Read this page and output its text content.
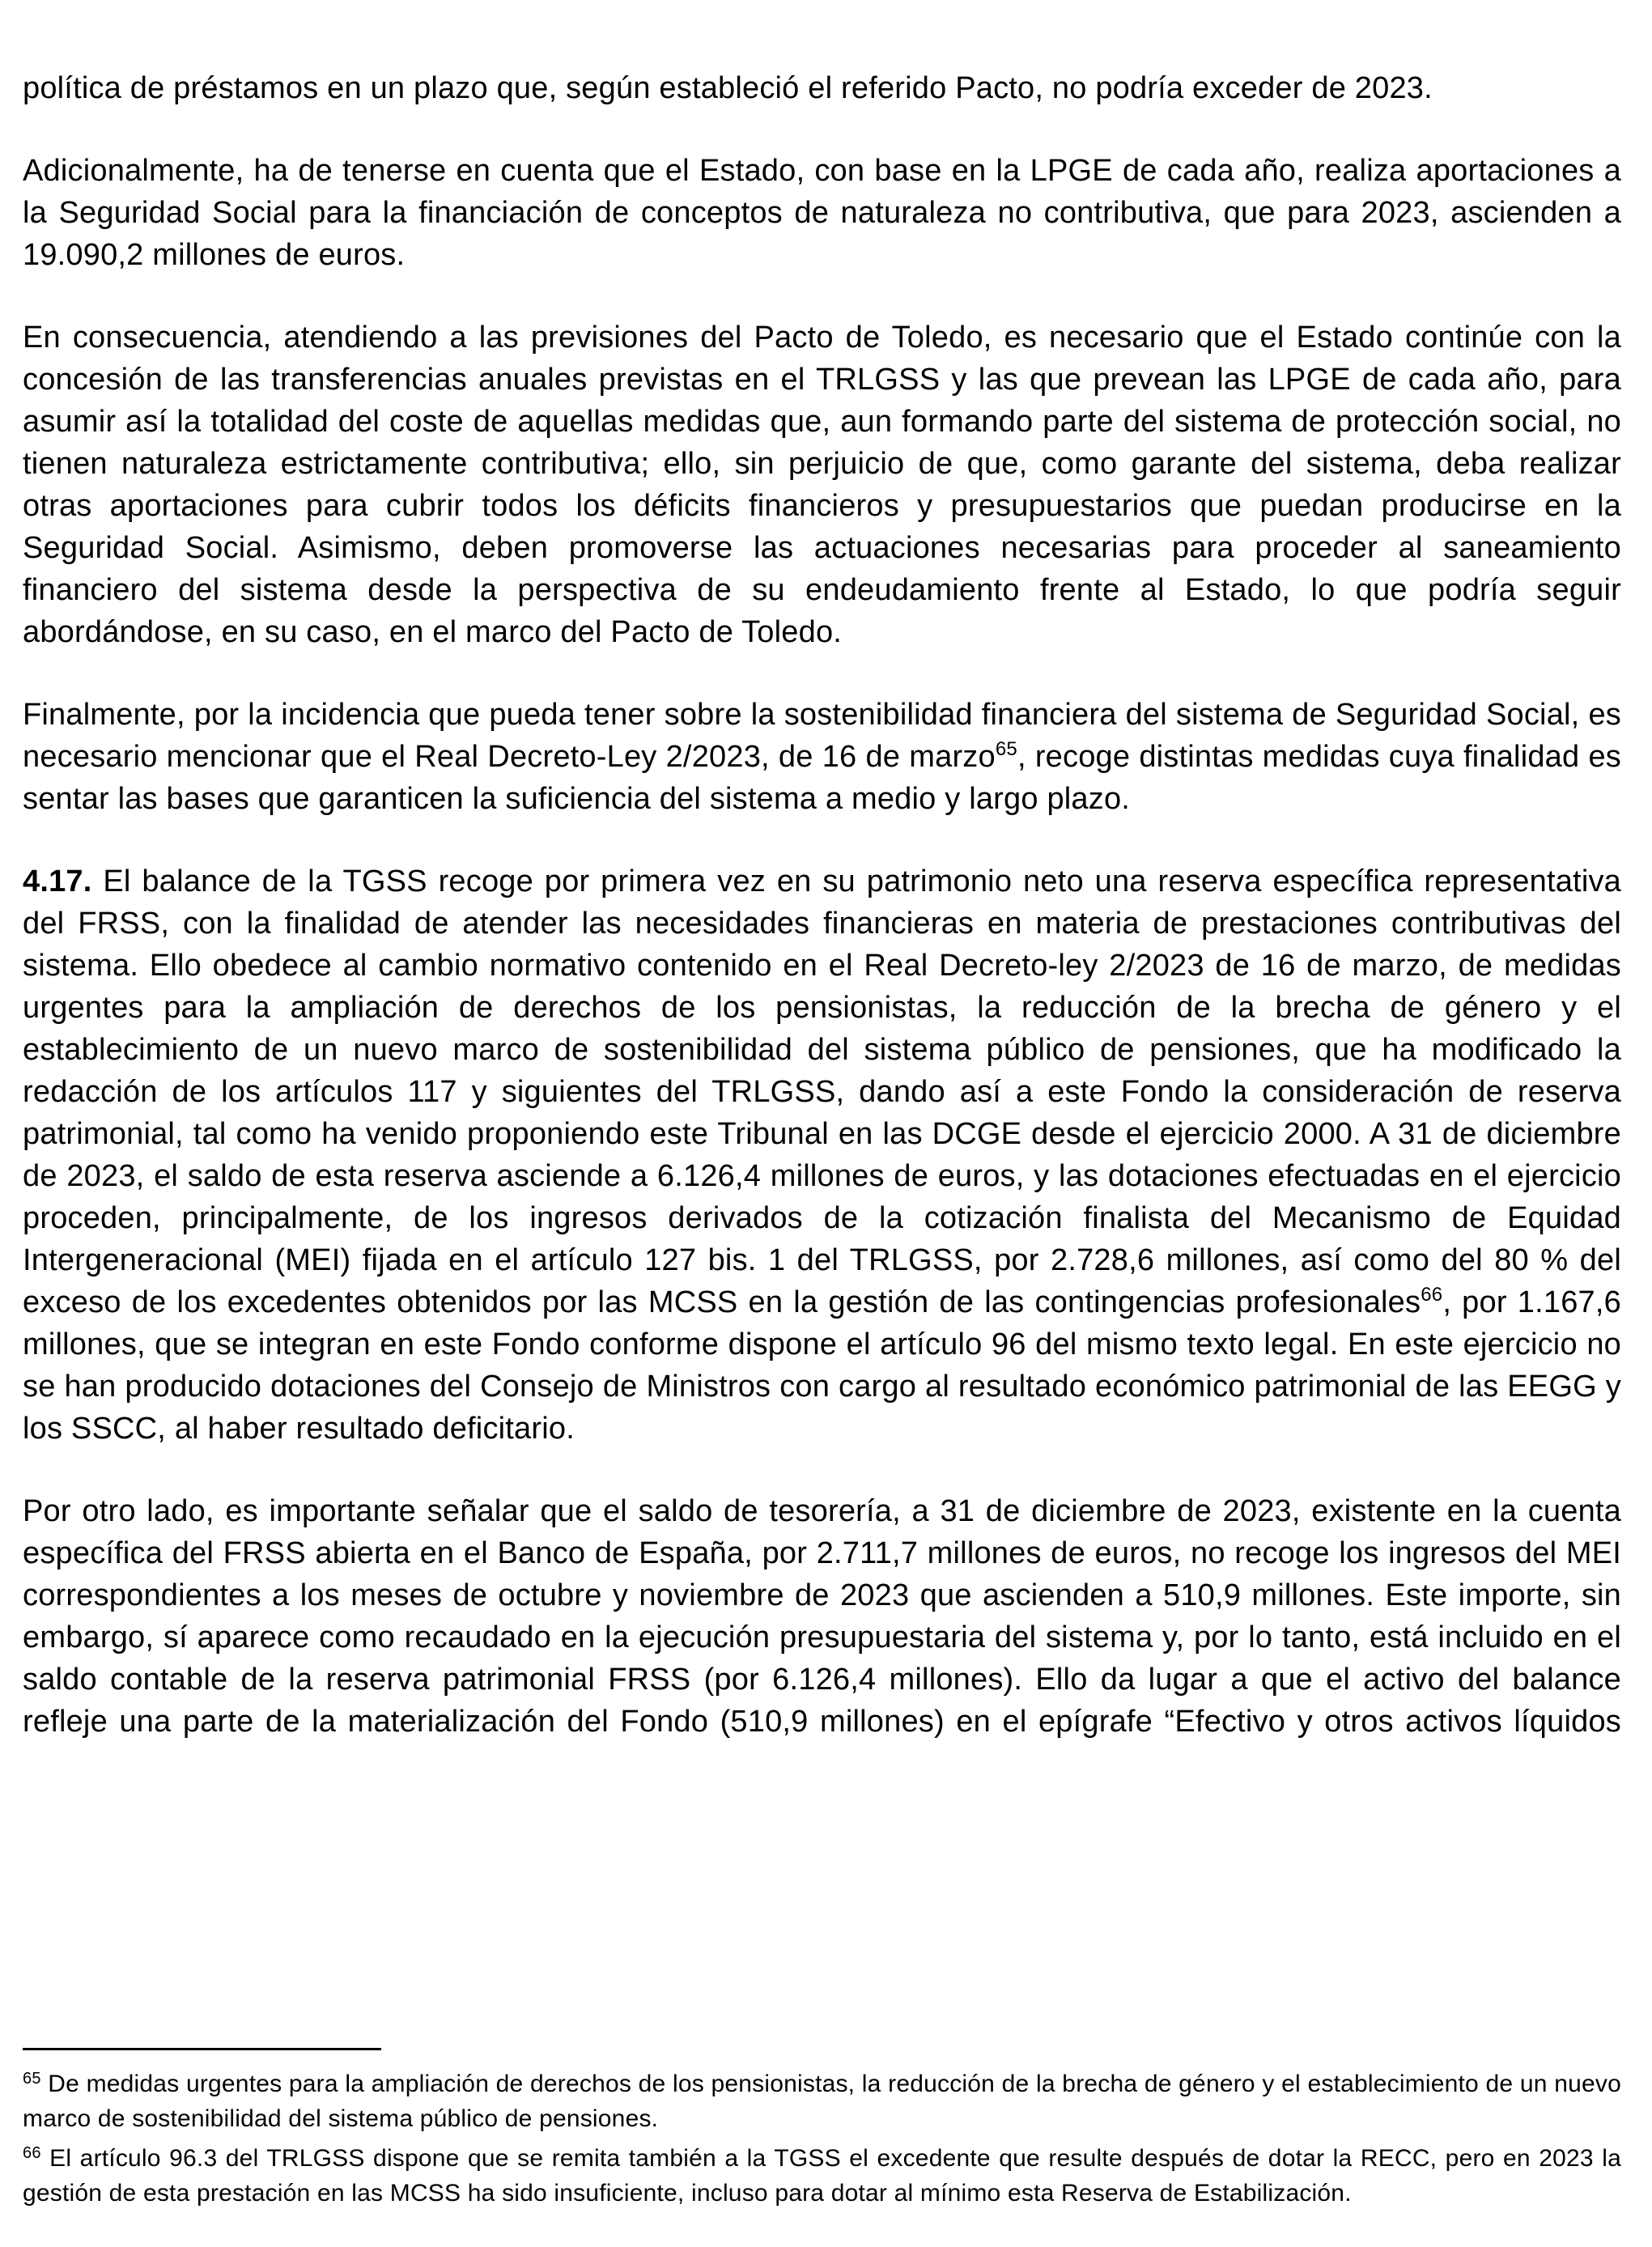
política de préstamos en un plazo que, según estableció el referido Pacto, no podría exceder de 2023.

Adicionalmente, ha de tenerse en cuenta que el Estado, con base en la LPGE de cada año, realiza aportaciones a la Seguridad Social para la financiación de conceptos de naturaleza no contributiva, que para 2023, ascienden a 19.090,2 millones de euros.

En consecuencia, atendiendo a las previsiones del Pacto de Toledo, es necesario que el Estado continúe con la concesión de las transferencias anuales previstas en el TRLGSS y las que prevean las LPGE de cada año, para asumir así la totalidad del coste de aquellas medidas que, aun formando parte del sistema de protección social, no tienen naturaleza estrictamente contributiva; ello, sin perjuicio de que, como garante del sistema, deba realizar otras aportaciones para cubrir todos los déficits financieros y presupuestarios que puedan producirse en la Seguridad Social. Asimismo, deben promoverse las actuaciones necesarias para proceder al saneamiento financiero del sistema desde la perspectiva de su endeudamiento frente al Estado, lo que podría seguir abordándose, en su caso, en el marco del Pacto de Toledo.

Finalmente, por la incidencia que pueda tener sobre la sostenibilidad financiera del sistema de Seguridad Social, es necesario mencionar que el Real Decreto-Ley 2/2023, de 16 de marzo$^{65}$, recoge distintas medidas cuya finalidad es sentar las bases que garanticen la suficiencia del sistema a medio y largo plazo.

4.17. El balance de la TGSS recoge por primera vez en su patrimonio neto una reserva específica representativa del FRSS, con la finalidad de atender las necesidades financieras en materia de prestaciones contributivas del sistema. Ello obedece al cambio normativo contenido en el Real Decreto-ley 2/2023 de 16 de marzo, de medidas urgentes para la ampliación de derechos de los pensionistas, la reducción de la brecha de género y el establecimiento de un nuevo marco de sostenibilidad del sistema público de pensiones, que ha modificado la redacción de los artículos 117 y siguientes del TRLGSS, dando así a este Fondo la consideración de reserva patrimonial, tal como ha venido proponiendo este Tribunal en las DCGE desde el ejercicio 2000. A 31 de diciembre de 2023, el saldo de esta reserva asciende a 6.126,4 millones de euros, y las dotaciones efectuadas en el ejercicio proceden, principalmente, de los ingresos derivados de la cotización finalista del Mecanismo de Equidad Intergeneracional (MEI) fijada en el artículo 127 bis. 1 del TRLGSS, por 2.728,6 millones, así como del 80 % del exceso de los excedentes obtenidos por las MCSS en la gestión de las contingencias profesionales$^{66}$, por 1.167,6 millones, que se integran en este Fondo conforme dispone el artículo 96 del mismo texto legal. En este ejercicio no se han producido dotaciones del Consejo de Ministros con cargo al resultado económico patrimonial de las EEGG y los SSCC, al haber resultado deficitario.

Por otro lado, es importante señalar que el saldo de tesorería, a 31 de diciembre de 2023, existente en la cuenta específica del FRSS abierta en el Banco de España, por 2.711,7 millones de euros, no recoge los ingresos del MEI correspondientes a los meses de octubre y noviembre de 2023 que ascienden a 510,9 millones. Este importe, sin embargo, sí aparece como recaudado en la ejecución presupuestaria del sistema y, por lo tanto, está incluido en el saldo contable de la reserva patrimonial FRSS (por 6.126,4 millones). Ello da lugar a que el activo del balance refleje una parte de la materialización del Fondo (510,9 millones) en el epígrafe “Efectivo y otros activos líquidos

$^{65}$ De medidas urgentes para la ampliación de derechos de los pensionistas, la reducción de la brecha de género y el establecimiento de un nuevo marco de sostenibilidad del sistema público de pensiones.

$^{66}$ El artículo 96.3 del TRLGSS dispone que se remita también a la TGSS el excedente que resulte después de dotar la RECC, pero en 2023 la gestión de esta prestación en las MCSS ha sido insuficiente, incluso para dotar al mínimo esta Reserva de Estabilización.
